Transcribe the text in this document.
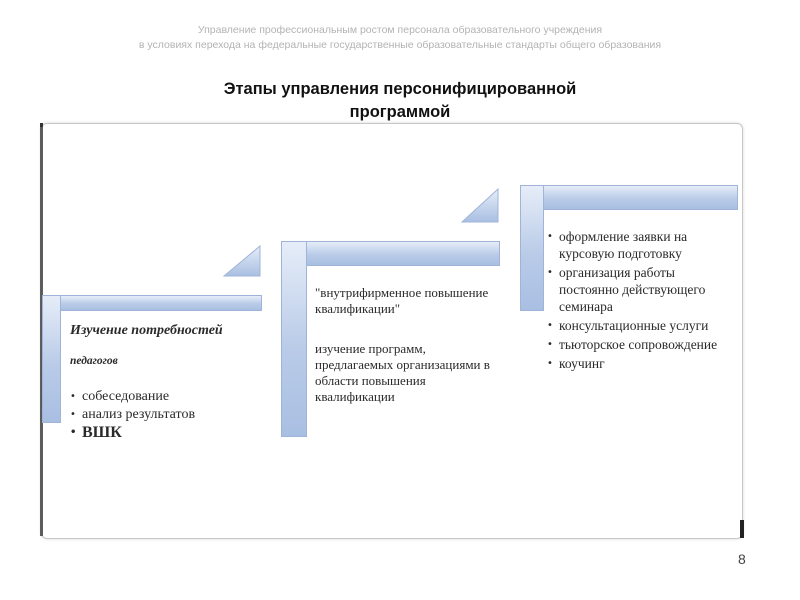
Управление профессиональным ростом персонала образовательного учреждения
в условиях перехода на федеральные государственные образовательные стандарты общего образования
Этапы управления персонифицированной
программой
Изучение потребностей
педагогов
• собеседование
• анализ результатов
• ВШК
"внутрифирменное повышение квалификации"
изучение программ, предлагаемых организациями в области повышения квалификации
• оформление заявки на курсовую подготовку
• организация работы постоянно действующего семинара
• консультационные услуги
• тьюторское сопровождение
• коучинг
8
